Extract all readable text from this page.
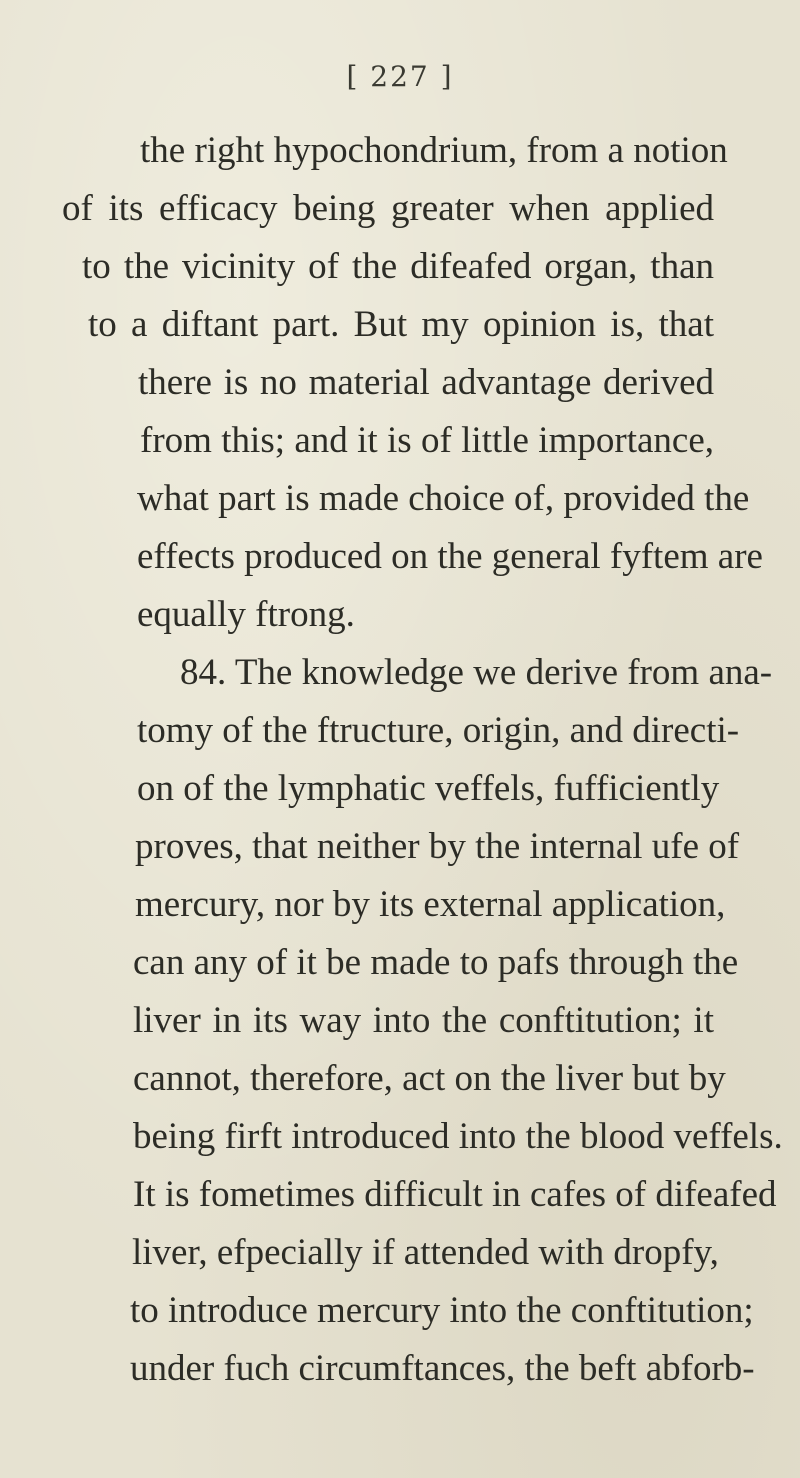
[ 227 ]
the right hypochondrium, from a notion
of its efficacy being greater when applied
to the vicinity of the difeafed organ, than
to a diftant part. But my opinion is, that
there is no material advantage derived
from this; and it is of little importance,
what part is made choice of, provided the
effects produced on the general fyftem are
equally ftrong.
84. The knowledge we derive from ana-
tomy of the ftructure, origin, and directi-
on of the lymphatic veffels, fufficiently
proves, that neither by the internal ufe of
mercury, nor by its external application,
can any of it be made to pafs through the
liver in its way into the conftitution; it
cannot, therefore, act on the liver but by
being firft introduced into the blood veffels.
It is fometimes difficult in cafes of difeafed
liver, efpecially if attended with dropfy,
to introduce mercury into the conftitution;
under fuch circumftances, the beft abforb-
